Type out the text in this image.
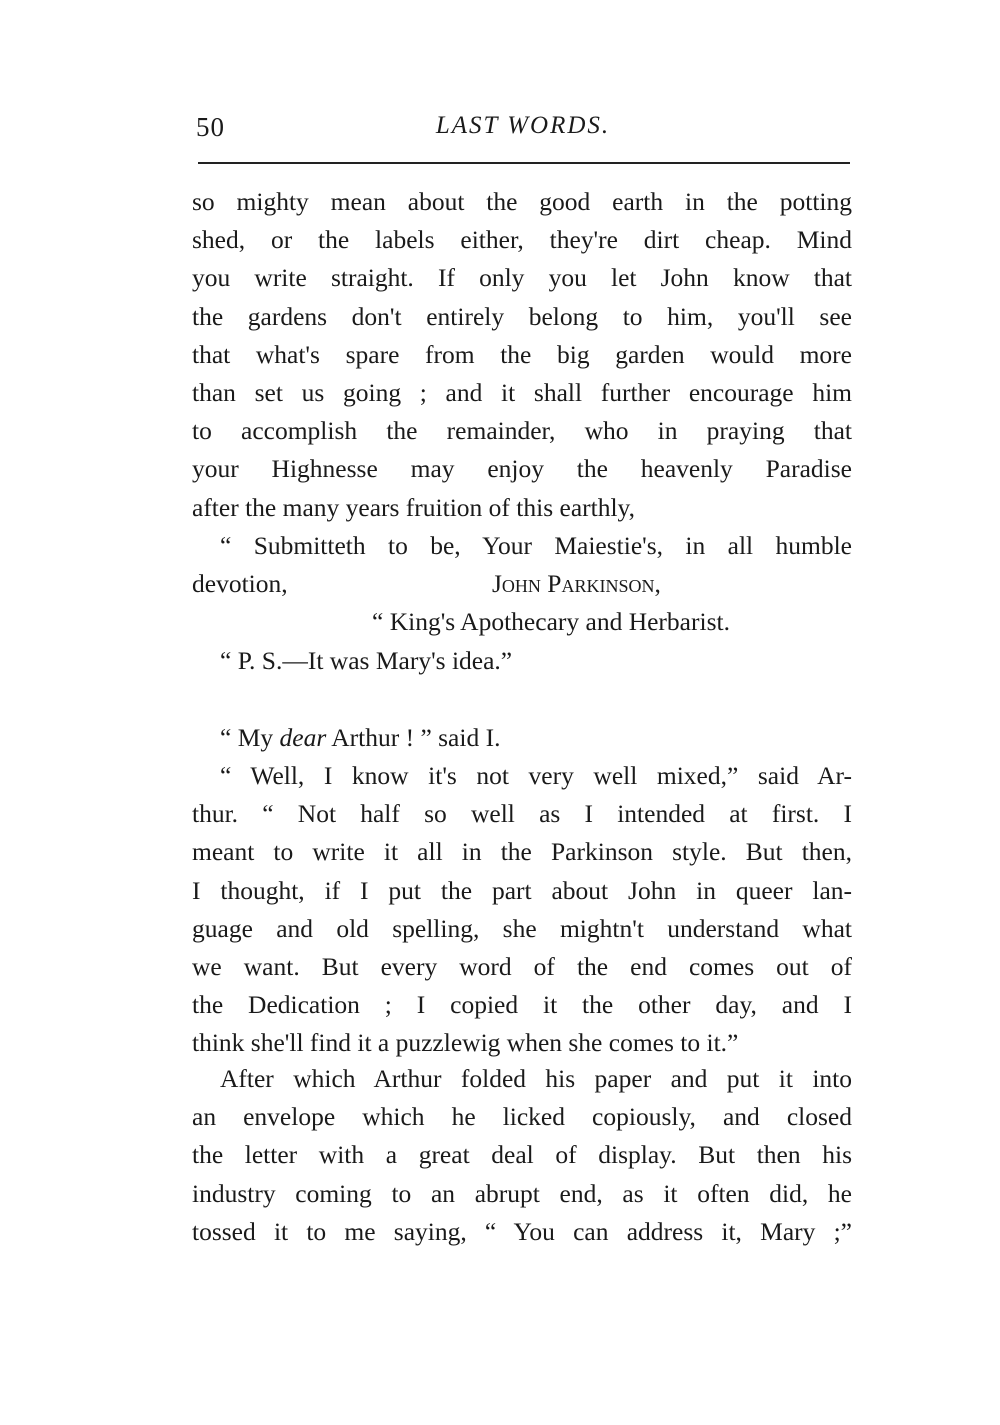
50	LAST WORDS.
so mighty mean about the good earth in the potting
shed, or the labels either, they're dirt cheap. Mind
you write straight. If only you let John know that
the gardens don't entirely belong to him, you'll see
that what's spare from the big garden would more
than set us going ; and it shall further encourage him
to accomplish the remainder, who in praying that
your Highnesse may enjoy the heavenly Paradise
after the many years fruition of this earthly,
“ Submitteth to be, Your Maiestie's, in all humble
devotion,	John Parkinson,
“ King's Apothecary and Herbarist.
“ P. S.—It was Mary's idea.”
“ My dear Arthur ! ” said I.
“ Well, I know it's not very well mixed,” said Ar-
thur. “ Not half so well as I intended at first. I
meant to write it all in the Parkinson style. But then,
I thought, if I put the part about John in queer lan-
guage and old spelling, she mightn't understand what
we want. But every word of the end comes out of
the Dedication ; I copied it the other day, and I
think she'll find it a puzzlewig when she comes to it.”
After which Arthur folded his paper and put it into
an envelope which he licked copiously, and closed
the letter with a great deal of display. But then his
industry coming to an abrupt end, as it often did, he
tossed it to me saying, “ You can address it, Mary ;”
